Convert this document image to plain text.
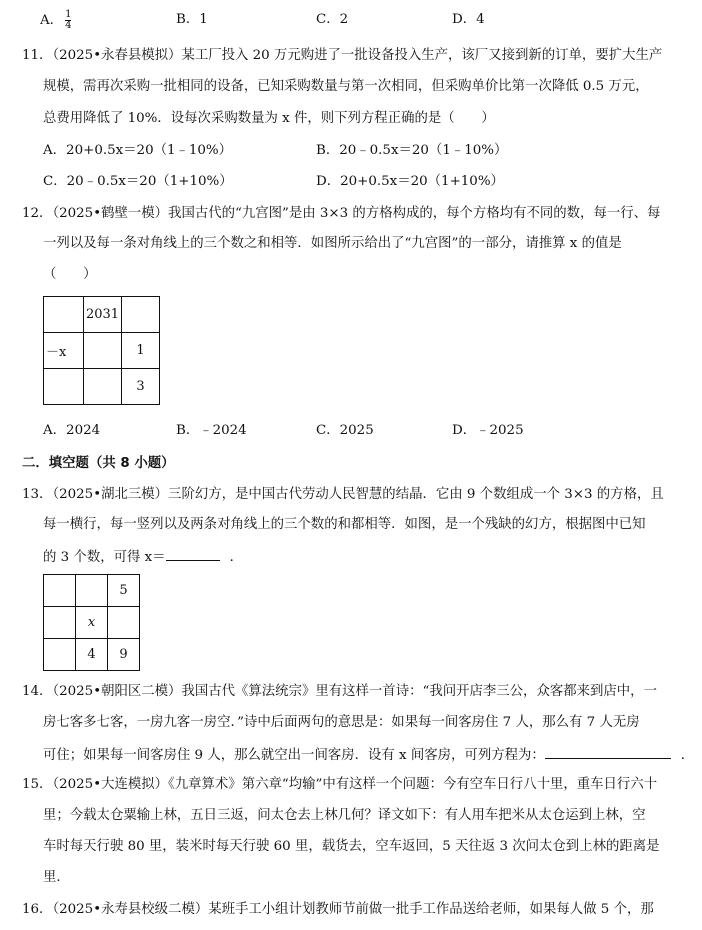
A． $\frac{1}{4}$	B．1	C．2	D．4
11．（2025•永春县模拟）某工厂投入 20 万元购进了一批设备投入生产，该厂又接到新的订单，要扩大生产
规模，需再次采购一批相同的设备，已知采购数量与第一次相同，但采购单价比第一次降低 0.5 万元，
总费用降低了 10%．设每次采购数量为 x 件，则下列方程正确的是（　　）
A．20+0.5x＝20（1﹣10%）	B．20﹣0.5x＝20（1﹣10%）
C．20﹣0.5x＝20（1+10%）	D．20+0.5x＝20（1+10%）
12．（2025•鹤壁一模）我国古代的“九宫图”是由 3×3 的方格构成的，每个方格均有不同的数，每一行、每
一列以及每一条对角线上的三个数之和相等．如图所示给出了“九宫图”的一部分，请推算 x 的值是
（　　）
	2031	
－x		1
		3
A．2024	B．﹣2024	C．2025	D．﹣2025
二．填空题（共 8 小题）
13．（2025•湖北三模）三阶幻方，是中国古代劳动人民智慧的结晶．它由 9 个数组成一个 3×3 的方格，且
每一横行，每一竖列以及两条对角线上的三个数的和都相等．如图，是一个残缺的幻方，根据图中已知
的 3 个数，可得 x＝	．
		5
	x	
	4	9
14．（2025•朝阳区二模）我国古代《算法统宗》里有这样一首诗：“我问开店李三公，众客都来到店中，一
房七客多七客，一房九客一房空．”诗中后面两句的意思是：如果每一间客房住 7 人，那么有 7 人无房
可住；如果每一间客房住 9 人，那么就空出一间客房．设有 x 间客房，可列方程为：	．
15．（2025•大连模拟）《九章算术》第六章“均输”中有这样一个问题：今有空车日行八十里，重车日行六十
里；今载太仓粟输上林，五日三返，问太仓去上林几何？译文如下：有人用车把米从太仓运到上林，空
车时每天行驶 80 里，装米时每天行驶 60 里，载货去，空车返回，5 天往返 3 次问太仓到上林的距离是
里．
16．（2025•永寿县校级二模）某班手工小组计划教师节前做一批手工作品送给老师，如果每人做 5 个，那
